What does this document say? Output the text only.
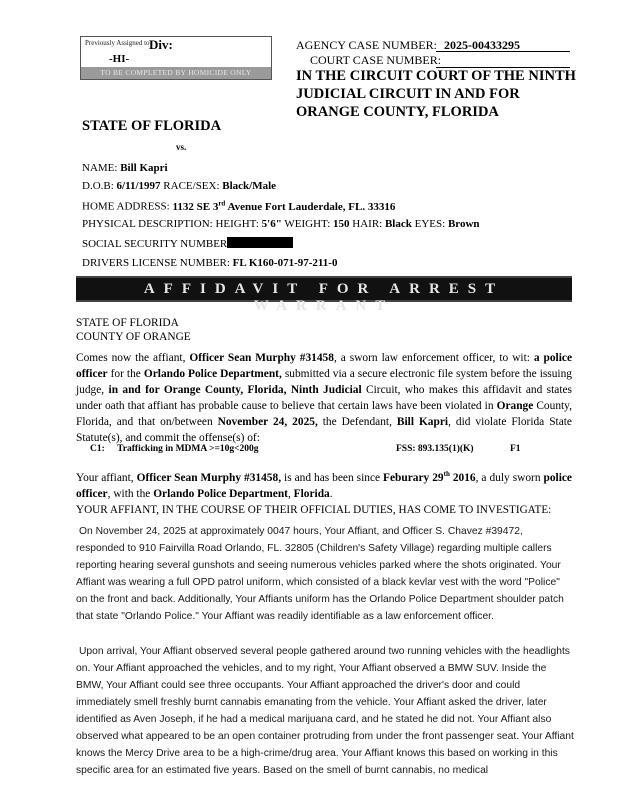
Previously Assigned to Div:
-HI-
TO BE COMPLETED BY HOMICIDE ONLY
AGENCY CASE NUMBER: 2025-00433295
COURT CASE NUMBER:
IN THE CIRCUIT COURT OF THE NINTH JUDICIAL CIRCUIT IN AND FOR ORANGE COUNTY, FLORIDA
STATE OF FLORIDA
vs.
NAME: Bill Kapri
D.O.B: 6/11/1997 RACE/SEX: Black/Male
HOME ADDRESS: 1132 SE 3rd Avenue Fort Lauderdale, FL. 33316
PHYSICAL DESCRIPTION: HEIGHT: 5'6" WEIGHT: 150 HAIR: Black EYES: Brown
SOCIAL SECURITY NUMBER
DRIVERS LICENSE NUMBER: FL K160-071-97-211-0
AFFIDAVIT FOR ARREST WARRANT
STATE OF FLORIDA
COUNTY OF ORANGE
Comes now the affiant, Officer Sean Murphy #31458, a sworn law enforcement officer, to wit: a police officer for the Orlando Police Department, submitted via a secure electronic file system before the issuing judge, in and for Orange County, Florida, Ninth Judicial Circuit, who makes this affidavit and states under oath that affiant has probable cause to believe that certain laws have been violated in Orange County, Florida, and that on/between November 24, 2025, the Defendant, Bill Kapri, did violate Florida State Statute(s), and commit the offense(s) of:
C1: Trafficking in MDMA >=10g<200g	FSS: 893.135(1)(K)	F1
Your affiant, Officer Sean Murphy #31458, is and has been since Feburary 29th 2016, a duly sworn police officer, with the Orlando Police Department, Florida.
YOUR AFFIANT, IN THE COURSE OF THEIR OFFICIAL DUTIES, HAS COME TO INVESTIGATE:
On November 24, 2025 at approximately 0047 hours, Your Affiant, and Officer S. Chavez #39472, responded to 910 Fairvilla Road Orlando, FL. 32805 (Children's Safety Village) regarding multiple callers reporting hearing several gunshots and seeing numerous vehicles parked where the shots originated. Your Affiant was wearing a full OPD patrol uniform, which consisted of a black kevlar vest with the word "Police" on the front and back. Additionally, Your Affiants uniform has the Orlando Police Department shoulder patch that state "Orlando Police." Your Affiant was readily identifiable as a law enforcement officer.
Upon arrival, Your Affiant observed several people gathered around two running vehicles with the headlights on. Your Affiant approached the vehicles, and to my right, Your Affiant observed a BMW SUV. Inside the BMW, Your Affiant could see three occupants. Your Affiant approached the driver's door and could immediately smell freshly burnt cannabis emanating from the vehicle. Your Affiant asked the driver, later identified as Aven Joseph, if he had a medical marijuana card, and he stated he did not. Your Affiant also observed what appeared to be an open container protruding from under the front passenger seat. Your Affiant knows the Mercy Drive area to be a high-crime/drug area. Your Affiant knows this based on working in this specific area for an estimated five years. Based on the smell of burnt cannabis, no medical
